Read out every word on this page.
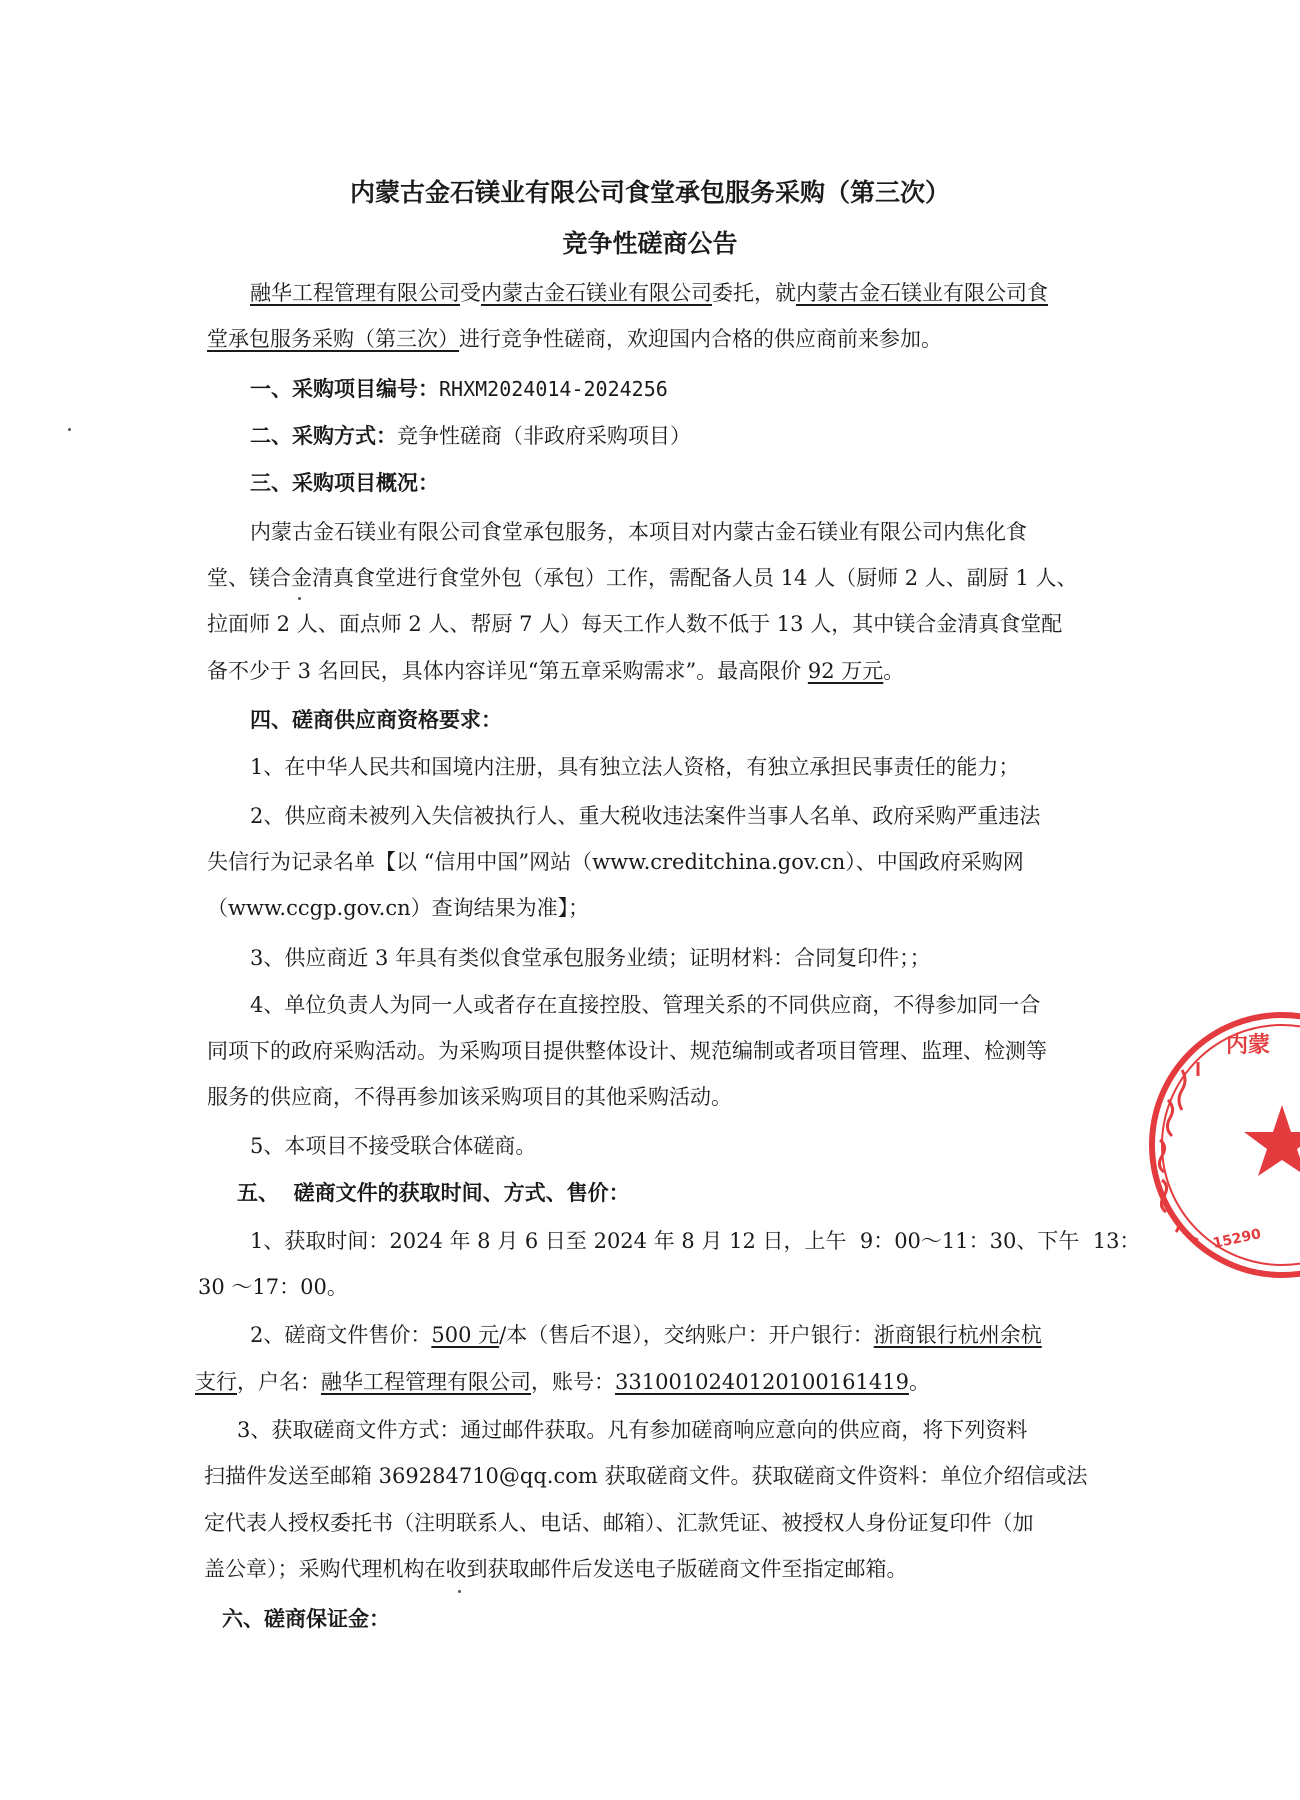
内蒙古金石镁业有限公司食堂承包服务采购（第三次）
竞争性磋商公告
融华工程管理有限公司受内蒙古金石镁业有限公司委托，就内蒙古金石镁业有限公司食
堂承包服务采购（第三次）进行竞争性磋商，欢迎国内合格的供应商前来参加。
一、采购项目编号：RHXM2024014-2024256
二、采购方式：竞争性磋商（非政府采购项目）
三、采购项目概况：
内蒙古金石镁业有限公司食堂承包服务，本项目对内蒙古金石镁业有限公司内焦化食
堂、镁合金清真食堂进行食堂外包（承包）工作，需配备人员 14 人（厨师 2 人、副厨 1 人、
拉面师 2 人、面点师 2 人、帮厨 7 人）每天工作人数不低于 13 人，其中镁合金清真食堂配
备不少于 3 名回民，具体内容详见“第五章采购需求”。最高限价 92 万元。
四、磋商供应商资格要求：
1、在中华人民共和国境内注册，具有独立法人资格，有独立承担民事责任的能力；
2、供应商未被列入失信被执行人、重大税收违法案件当事人名单、政府采购严重违法
失信行为记录名单【以 “信用中国”网站（www.creditchina.gov.cn）、中国政府采购网
（www.ccgp.gov.cn）查询结果为准】；
3、供应商近 3 年具有类似食堂承包服务业绩；证明材料：合同复印件；；
4、单位负责人为同一人或者存在直接控股、管理关系的不同供应商，不得参加同一合
同项下的政府采购活动。为采购项目提供整体设计、规范编制或者项目管理、监理、检测等
服务的供应商，不得再参加该采购项目的其他采购活动。
5、本项目不接受联合体磋商。
五、  磋商文件的获取时间、方式、售价：
1、获取时间：2024 年 8 月 6 日至 2024 年 8 月 12 日，上午  9：00～11：30、下午  13：
30 ～17：00。
2、磋商文件售价：500 元/本（售后不退），交纳账户：开户银行：浙商银行杭州余杭
支行，户名：融华工程管理有限公司，账号：3310010240120100161419。
3、获取磋商文件方式：通过邮件获取。凡有参加磋商响应意向的供应商，将下列资料
扫描件发送至邮箱 369284710@qq.com 获取磋商文件。获取磋商文件资料：单位介绍信或法
定代表人授权委托书（注明联系人、电话、邮箱）、汇款凭证、被授权人身份证复印件（加
盖公章）；采购代理机构在收到获取邮件后发送电子版磋商文件至指定邮箱。
六、磋商保证金：
内蒙
15290
